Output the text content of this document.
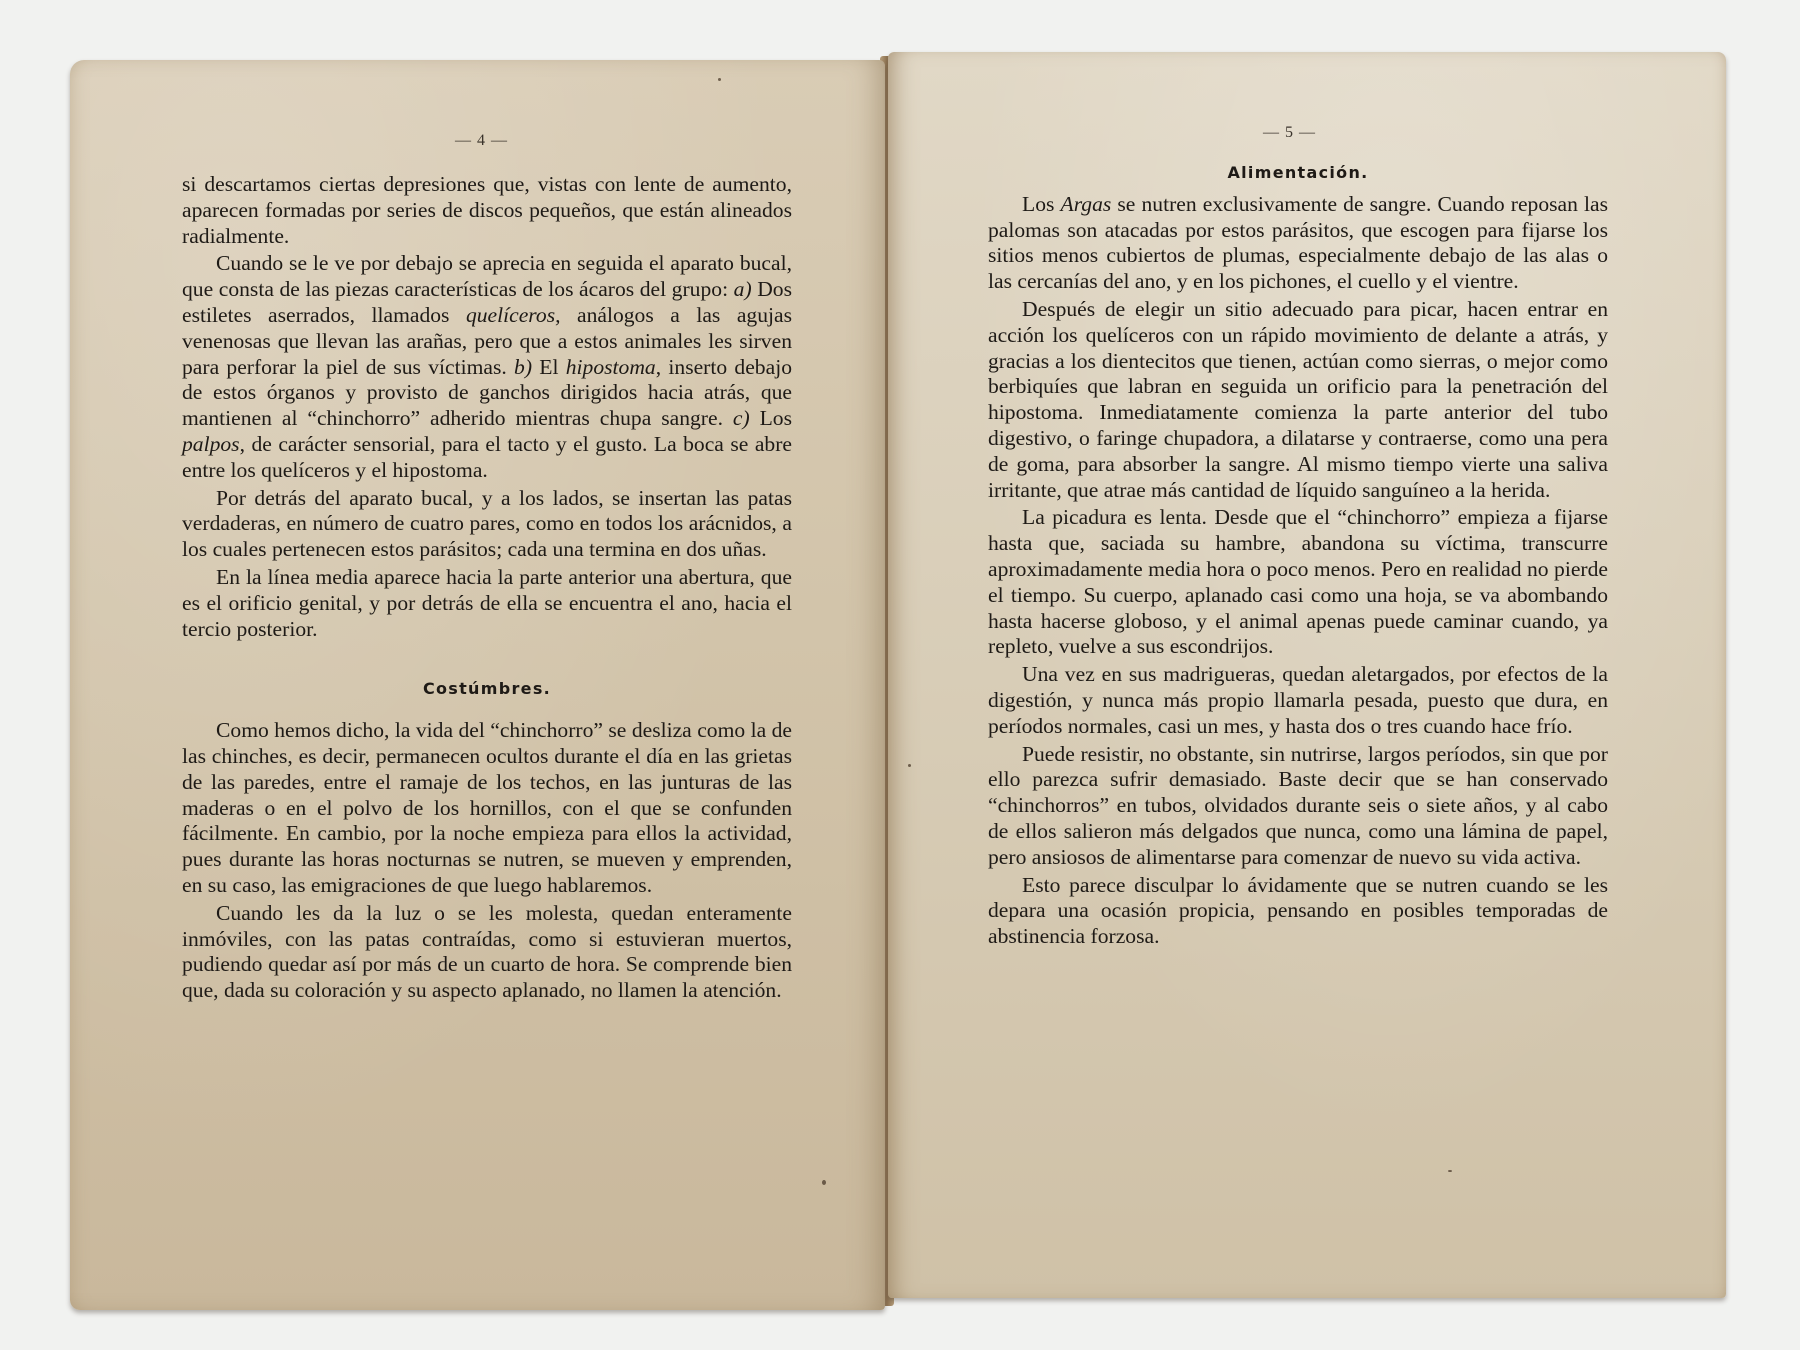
— 4 —

si descartamos ciertas depresiones que, vistas con lente de aumento, aparecen formadas por series de discos pequeños, que están alineados radialmente.

Cuando se le ve por debajo se aprecia en seguida el aparato bucal, que consta de las piezas características de los ácaros del grupo: a) Dos estiletes aserrados, llamados quelíceros, análogos a las agujas venenosas que llevan las arañas, pero que a estos animales les sirven para perforar la piel de sus víctimas. b) El hipostoma, inserto debajo de estos órganos y provisto de ganchos dirigidos hacia atrás, que mantienen al “chinchorro” adherido mientras chupa sangre. c) Los palpos, de carácter sensorial, para el tacto y el gusto. La boca se abre entre los quelíceros y el hipostoma.

Por detrás del aparato bucal, y a los lados, se insertan las patas verdaderas, en número de cuatro pares, como en todos los arácnidos, a los cuales pertenecen estos parásitos; cada una termina en dos uñas.

En la línea media aparece hacia la parte anterior una abertura, que es el orificio genital, y por detrás de ella se encuentra el ano, hacia el tercio posterior.

Costúmbres.

Como hemos dicho, la vida del “chinchorro” se desliza como la de las chinches, es decir, permanecen ocultos durante el día en las grietas de las paredes, entre el ramaje de los techos, en las junturas de las maderas o en el polvo de los hornillos, con el que se confunden fácilmente. En cambio, por la noche empieza para ellos la actividad, pues durante las horas nocturnas se nutren, se mueven y emprenden, en su caso, las emigraciones de que luego hablaremos.

Cuando les da la luz o se les molesta, quedan enteramente inmóviles, con las patas contraídas, como si estuvieran muertos, pudiendo quedar así por más de un cuarto de hora. Se comprende bien que, dada su coloración y su aspecto aplanado, no llamen la atención.

— 5 —
Alimentación.

Los Argas se nutren exclusivamente de sangre. Cuando reposan las palomas son atacadas por estos parásitos, que escogen para fijarse los sitios menos cubiertos de plumas, especialmente debajo de las alas o las cercanías del ano, y en los pichones, el cuello y el vientre.

Después de elegir un sitio adecuado para picar, hacen entrar en acción los quelíceros con un rápido movimiento de delante a atrás, y gracias a los dientecitos que tienen, actúan como sierras, o mejor como berbiquíes que labran en seguida un orificio para la penetración del hipostoma. Inmediatamente comienza la parte anterior del tubo digestivo, o faringe chupadora, a dilatarse y contraerse, como una pera de goma, para absorber la sangre. Al mismo tiempo vierte una saliva irritante, que atrae más cantidad de líquido sanguíneo a la herida.

La picadura es lenta. Desde que el “chinchorro” empieza a fijarse hasta que, saciada su hambre, abandona su víctima, transcurre aproximadamente media hora o poco menos. Pero en realidad no pierde el tiempo. Su cuerpo, aplanado casi como una hoja, se va abombando hasta hacerse globoso, y el animal apenas puede caminar cuando, ya repleto, vuelve a sus escondrijos.

Una vez en sus madrigueras, quedan aletargados, por efectos de la digestión, y nunca más propio llamarla pesada, puesto que dura, en períodos normales, casi un mes, y hasta dos o tres cuando hace frío.

Puede resistir, no obstante, sin nutrirse, largos períodos, sin que por ello parezca sufrir demasiado. Baste decir que se han conservado “chinchorros” en tubos, olvidados durante seis o siete años, y al cabo de ellos salieron más delgados que nunca, como una lámina de papel, pero ansiosos de alimentarse para comenzar de nuevo su vida activa.

Esto parece disculpar lo ávidamente que se nutren cuando se les depara una ocasión propicia, pensando en posibles temporadas de abstinencia forzosa.
